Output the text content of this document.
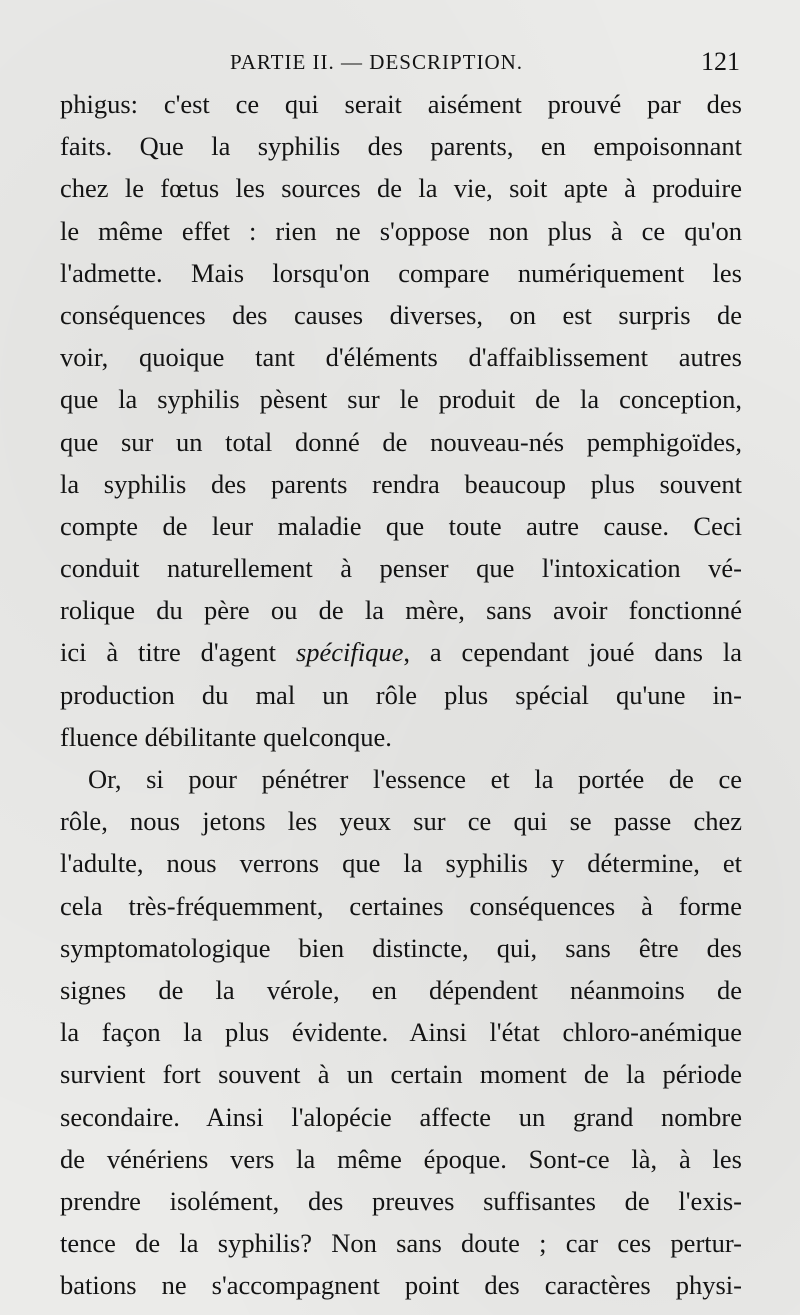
PARTIE II. — DESCRIPTION.	121
phigus: c'est ce qui serait aisément prouvé par des
faits. Que la syphilis des parents, en empoisonnant
chez le fœtus les sources de la vie, soit apte à produire
le même effet : rien ne s'oppose non plus à ce qu'on
l'admette. Mais lorsqu'on compare numériquement les
conséquences des causes diverses, on est surpris de
voir, quoique tant d'éléments d'affaiblissement autres
que la syphilis pèsent sur le produit de la conception,
que sur un total donné de nouveau-nés pemphigoïdes,
la syphilis des parents rendra beaucoup plus souvent
compte de leur maladie que toute autre cause. Ceci
conduit naturellement à penser que l'intoxication vé-
rolique du père ou de la mère, sans avoir fonctionné
ici à titre d'agent spécifique, a cependant joué dans la
production du mal un rôle plus spécial qu'une in-
fluence débilitante quelconque.
Or, si pour pénétrer l'essence et la portée de ce
rôle, nous jetons les yeux sur ce qui se passe chez
l'adulte, nous verrons que la syphilis y détermine, et
cela très-fréquemment, certaines conséquences à forme
symptomatologique bien distincte, qui, sans être des
signes de la vérole, en dépendent néanmoins de
la façon la plus évidente. Ainsi l'état chloro-anémique
survient fort souvent à un certain moment de la période
secondaire. Ainsi l'alopécie affecte un grand nombre
de vénériens vers la même époque. Sont-ce là, à les
prendre isolément, des preuves suffisantes de l'exis-
tence de la syphilis? Non sans doute ; car ces pertur-
bations ne s'accompagnent point des caractères physi-
